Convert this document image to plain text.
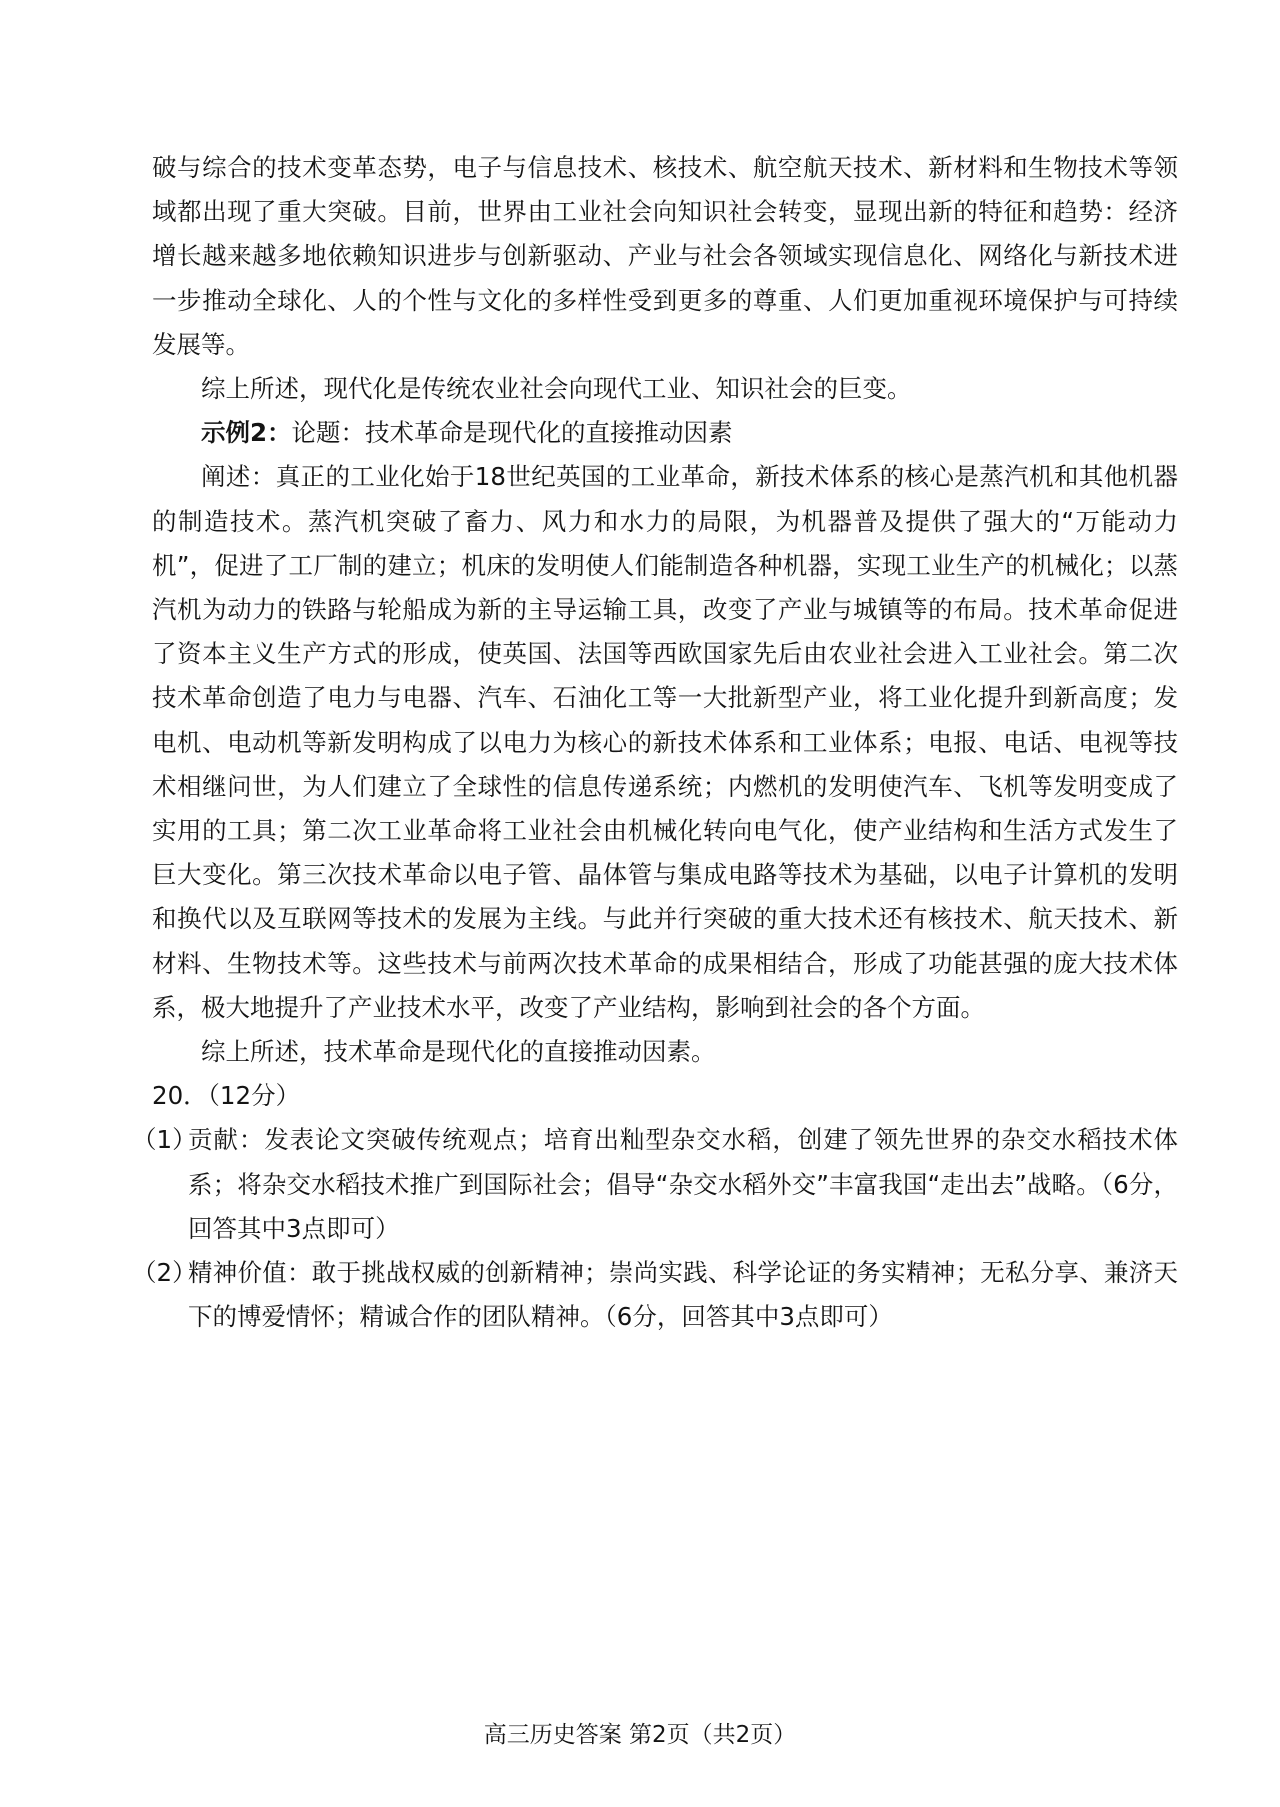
破与综合的技术变革态势，电子与信息技术、核技术、航空航天技术、新材料和生物技术等领域都出现了重大突破。目前，世界由工业社会向知识社会转变，显现出新的特征和趋势：经济增长越来越多地依赖知识进步与创新驱动、产业与社会各领域实现信息化、网络化与新技术进一步推动全球化、人的个性与文化的多样性受到更多的尊重、人们更加重视环境保护与可持续发展等。

综上所述，现代化是传统农业社会向现代工业、知识社会的巨变。

示例2：论题：技术革命是现代化的直接推动因素

阐述：真正的工业化始于18世纪英国的工业革命，新技术体系的核心是蒸汽机和其他机器的制造技术。蒸汽机突破了畜力、风力和水力的局限，为机器普及提供了强大的“万能动力机”，促进了工厂制的建立；机床的发明使人们能制造各种机器，实现工业生产的机械化；以蒸汽机为动力的铁路与轮船成为新的主导运输工具，改变了产业与城镇等的布局。技术革命促进了资本主义生产方式的形成，使英国、法国等西欧国家先后由农业社会进入工业社会。第二次技术革命创造了电力与电器、汽车、石油化工等一大批新型产业，将工业化提升到新高度；发电机、电动机等新发明构成了以电力为核心的新技术体系和工业体系；电报、电话、电视等技术相继问世，为人们建立了全球性的信息传递系统；内燃机的发明使汽车、飞机等发明变成了实用的工具；第二次工业革命将工业社会由机械化转向电气化，使产业结构和生活方式发生了巨大变化。第三次技术革命以电子管、晶体管与集成电路等技术为基础，以电子计算机的发明和换代以及互联网等技术的发展为主线。与此并行突破的重大技术还有核技术、航天技术、新材料、生物技术等。这些技术与前两次技术革命的成果相结合，形成了功能甚强的庞大技术体系，极大地提升了产业技术水平，改变了产业结构，影响到社会的各个方面。

综上所述，技术革命是现代化的直接推动因素。

20．（12分）

（1）
贡献：发表论文突破传统观点；培育出籼型杂交水稻，创建了领先世界的杂交水稻技术体系；将杂交水稻技术推广到国际社会；倡导“杂交水稻外交”丰富我国“走出去”战略。（6分，回答其中3点即可）
（2）
精神价值：敢于挑战权威的创新精神；崇尚实践、科学论证的务实精神；无私分享、兼济天下的博爱情怀；精诚合作的团队精神。（6分，回答其中3点即可）
高三历史答案 第2页（共2页）
